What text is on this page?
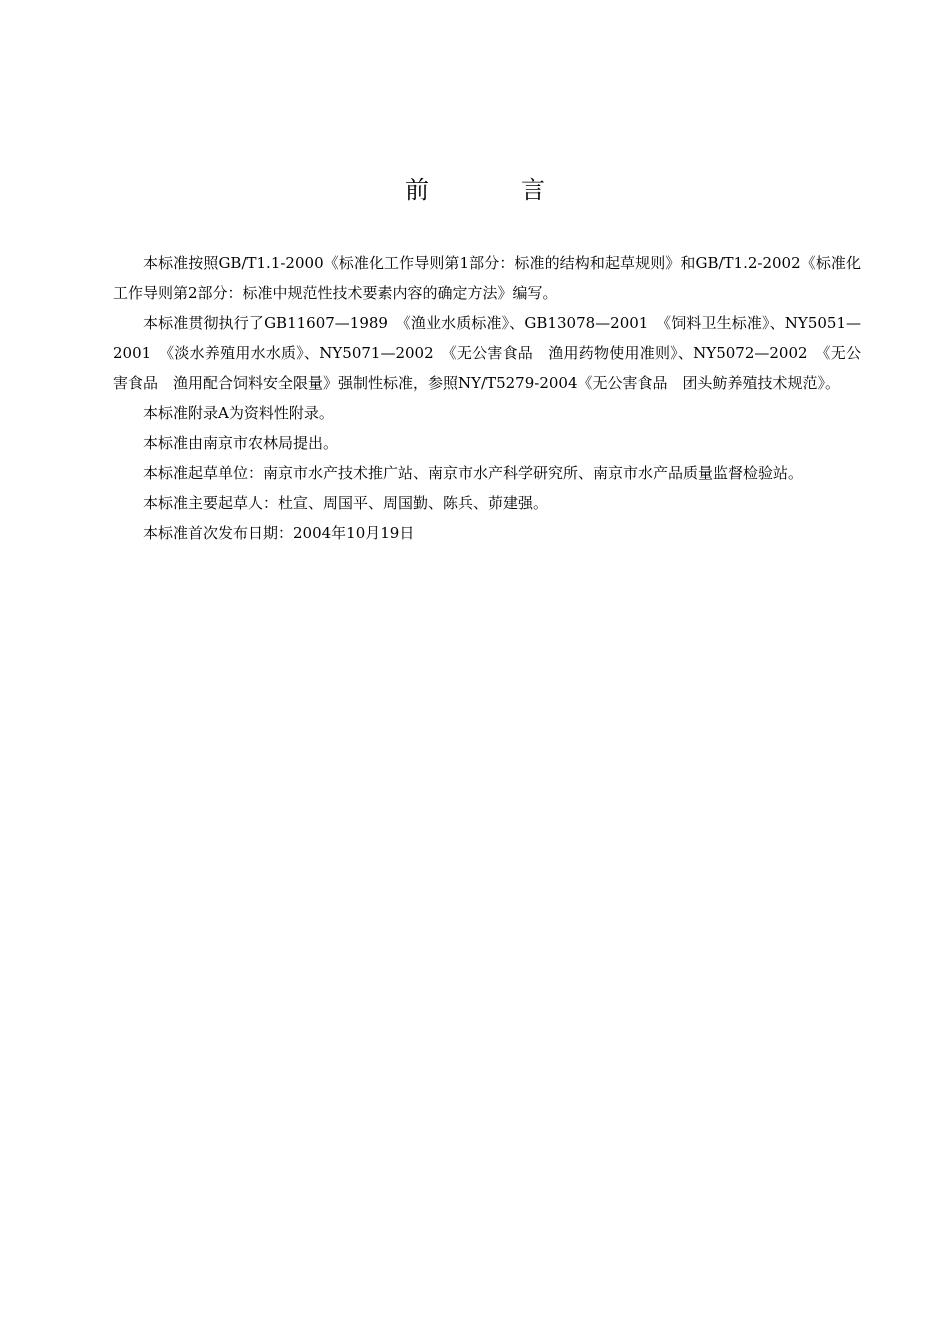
前　言

本标准按照GB/T1.1-2000《标准化工作导则第1部分：标准的结构和起草规则》和GB/T1.2-2002《标准化工作导则第2部分：标准中规范性技术要素内容的确定方法》编写。

本标准贯彻执行了GB11607—1989　《渔业水质标准》、GB13078—2001　《饲料卫生标准》、NY5051—2001　《淡水养殖用水水质》、NY5071—2002　《无公害食品　渔用药物使用准则》、NY5072—2002　《无公害食品　渔用配合饲料安全限量》强制性标准，参照NY/T5279-2004《无公害食品　团头鲂养殖技术规范》。

本标准附录A为资料性附录。

本标准由南京市农林局提出。

本标准起草单位：南京市水产技术推广站、南京市水产科学研究所、南京市水产品质量监督检验站。

本标准主要起草人：杜宣、周国平、周国勤、陈兵、茆建强。

本标准首次发布日期：2004年10月19日
